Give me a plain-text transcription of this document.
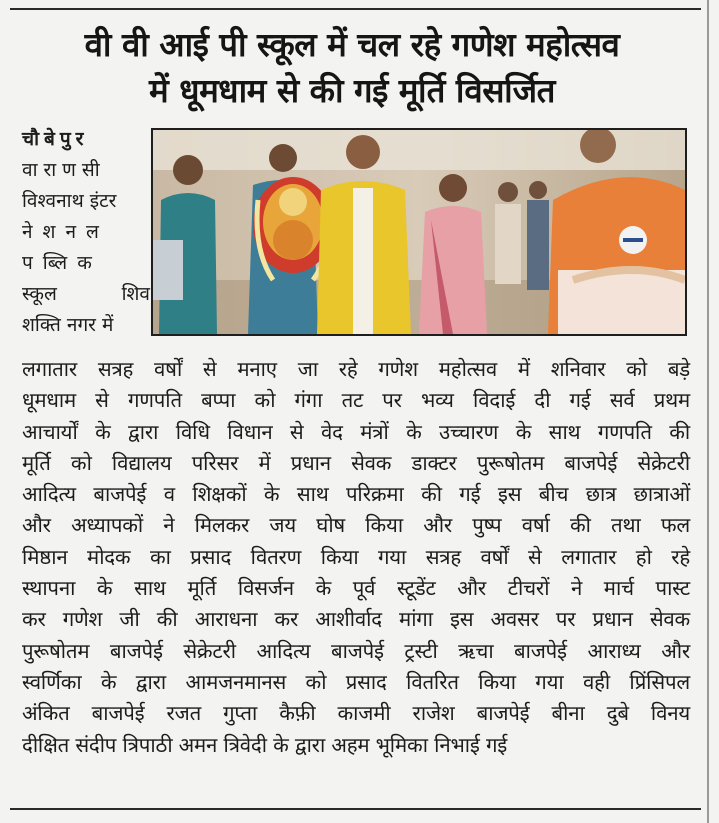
वी वी आई पी स्कूल में चल रहे गणेश महोत्सव
में धूमधाम से की गई मूर्ति विसर्जित
चौबेपुर
वाराणसी
विश्वनाथ इंटर
नेशनल
पब्लिक
स्कूल	शिव
शक्ति नगर में
लगातार सत्रह वर्षों से मनाए जा रहे गणेश महोत्सव में शनिवार को बड़े
धूमधाम से गणपति बप्पा को गंगा तट पर भव्य विदाई दी गई सर्व प्रथम
आचार्यों के द्वारा विधि विधान से वेद मंत्रों के उच्चारण के साथ गणपति की
मूर्ति को विद्यालय परिसर में प्रधान सेवक डाक्टर पुरूषोतम बाजपेई सेक्रेटरी
आदित्य बाजपेई व शिक्षकों के साथ परिक्रमा की गई इस बीच छात्र छात्राओं
और अध्यापकों ने मिलकर जय घोष किया और पुष्प वर्षा की तथा फल
मिष्ठान मोदक का प्रसाद वितरण किया गया सत्रह वर्षों से लगातार हो रहे
स्थापना के साथ मूर्ति विसर्जन के पूर्व स्टूडेंट और टीचरों ने मार्च पास्ट
कर गणेश जी की आराधना कर आशीर्वाद मांगा इस अवसर पर प्रधान सेवक
पुरूषोतम बाजपेई सेक्रेटरी आदित्य बाजपेई ट्रस्टी ऋचा बाजपेई आराध्य और
स्वर्णिका के द्वारा आमजनमानस को प्रसाद वितरित किया गया वही प्रिंसिपल
अंकित बाजपेई रजत गुप्ता कैफ़ी काजमी राजेश बाजपेई बीना दुबे विनय
दीक्षित संदीप त्रिपाठी अमन त्रिवेदी के द्वारा अहम भूमिका निभाई गई
